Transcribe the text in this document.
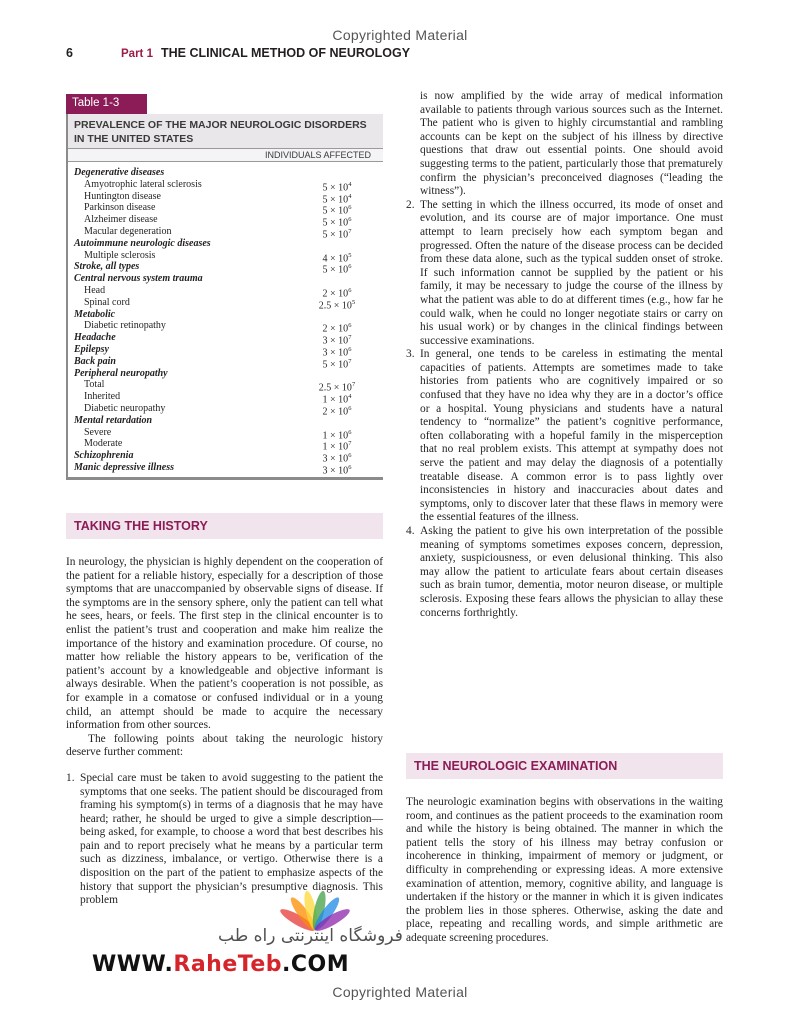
Copyrighted Material
6	Part 1 THE CLINICAL METHOD OF NEUROLOGY
Table 1-3
PREVALENCE OF THE MAJOR NEUROLOGIC DISORDERS IN THE UNITED STATES
INDIVIDUALS AFFECTED
Degenerative diseases
Amyotrophic lateral sclerosis	$5 \times 10^4$
Huntington disease	$5 \times 10^4$
Parkinson disease	$5 \times 10^6$
Alzheimer disease	$5 \times 10^6$
Macular degeneration	$5 \times 10^7$
Autoimmune neurologic diseases
Multiple sclerosis	$4 \times 10^5$
Stroke, all types	$5 \times 10^6$
Central nervous system trauma
Head	$2 \times 10^6$
Spinal cord	$2.5 \times 10^5$
Metabolic
Diabetic retinopathy	$2 \times 10^6$
Headache	$3 \times 10^7$
Epilepsy	$3 \times 10^6$
Back pain	$5 \times 10^7$
Peripheral neuropathy
Total	$2.5 \times 10^7$
Inherited	$1 \times 10^4$
Diabetic neuropathy	$2 \times 10^6$
Mental retardation
Severe	$1 \times 10^6$
Moderate	$1 \times 10^7$
Schizophrenia	$3 \times 10^6$
Manic depressive illness	$3 \times 10^6$
TAKING THE HISTORY

In neurology, the physician is highly dependent on the cooperation of the patient for a reliable history, especially for a description of those symptoms that are unaccompanied by observable signs of disease. If the symptoms are in the sensory sphere, only the patient can tell what he sees, hears, or feels. The first step in the clinical encounter is to enlist the patient’s trust and cooperation and make him realize the importance of the history and examination procedure. Of course, no matter how reliable the history appears to be, verification of the patient’s account by a knowledgeable and objective informant is always desirable. When the patient’s cooperation is not possible, as for example in a comatose or confused individual or in a young child, an attempt should be made to acquire the necessary information from other sources.

The following points about taking the neurologic history deserve further comment:

1. Special care must be taken to avoid suggesting to the patient the symptoms that one seeks. The patient should be discouraged from framing his symptom(s) in terms of a diagnosis that he may have heard; rather, he should be urged to give a simple description—being asked, for example, to choose a word that best describes his pain and to report precisely what he means by a particular term such as dizziness, imbalance, or vertigo. Otherwise there is a disposition on the part of the patient to emphasize aspects of the history that support the physician’s presumptive diagnosis. This problem

is now amplified by the wide array of medical information available to patients through various sources such as the Internet. The patient who is given to highly circumstantial and rambling accounts can be kept on the subject of his illness by directive questions that draw out essential points. One should avoid suggesting terms to the patient, particularly those that prematurely confirm the physician’s preconceived diagnoses (“leading the witness”).

2. The setting in which the illness occurred, its mode of onset and evolution, and its course are of major importance. One must attempt to learn precisely how each symptom began and progressed. Often the nature of the disease process can be decided from these data alone, such as the typical sudden onset of stroke. If such information cannot be supplied by the patient or his family, it may be necessary to judge the course of the illness by what the patient was able to do at different times (e.g., how far he could walk, when he could no longer negotiate stairs or carry on his usual work) or by changes in the clinical findings between successive examinations.
3. In general, one tends to be careless in estimating the mental capacities of patients. Attempts are sometimes made to take histories from patients who are cognitively impaired or so confused that they have no idea why they are in a doctor’s office or a hospital. Young physicians and students have a natural tendency to “normalize” the patient’s cognitive performance, often collaborating with a hopeful family in the misperception that no real problem exists. This attempt at sympathy does not serve the patient and may delay the diagnosis of a potentially treatable disease. A common error is to pass lightly over inconsistencies in history and inaccuracies about dates and symptoms, only to discover later that these flaws in memory were the essential features of the illness.
4. Asking the patient to give his own interpretation of the possible meaning of symptoms sometimes exposes concern, depression, anxiety, suspiciousness, or even delusional thinking. This also may allow the patient to articulate fears about certain diseases such as brain tumor, dementia, motor neuron disease, or multiple sclerosis. Exposing these fears allows the physician to allay these concerns forthrightly.
THE NEUROLOGIC EXAMINATION

The neurologic examination begins with observations in the waiting room, and continues as the patient proceeds to the examination room and while the history is being obtained. The manner in which the patient tells the story of his illness may betray confusion or incoherence in thinking, impairment of memory or judgment, or difficulty in comprehending or expressing ideas. A more extensive examination of attention, memory, cognitive ability, and language is undertaken if the history or the manner in which it is given indicates the problem lies in those spheres. Otherwise, asking the date and place, repeating and recalling words, and simple arithmetic are adequate screening procedures.

فروشگاه اینترنتی راه طب
WWW.RaheTeb.COM
Copyrighted Material
